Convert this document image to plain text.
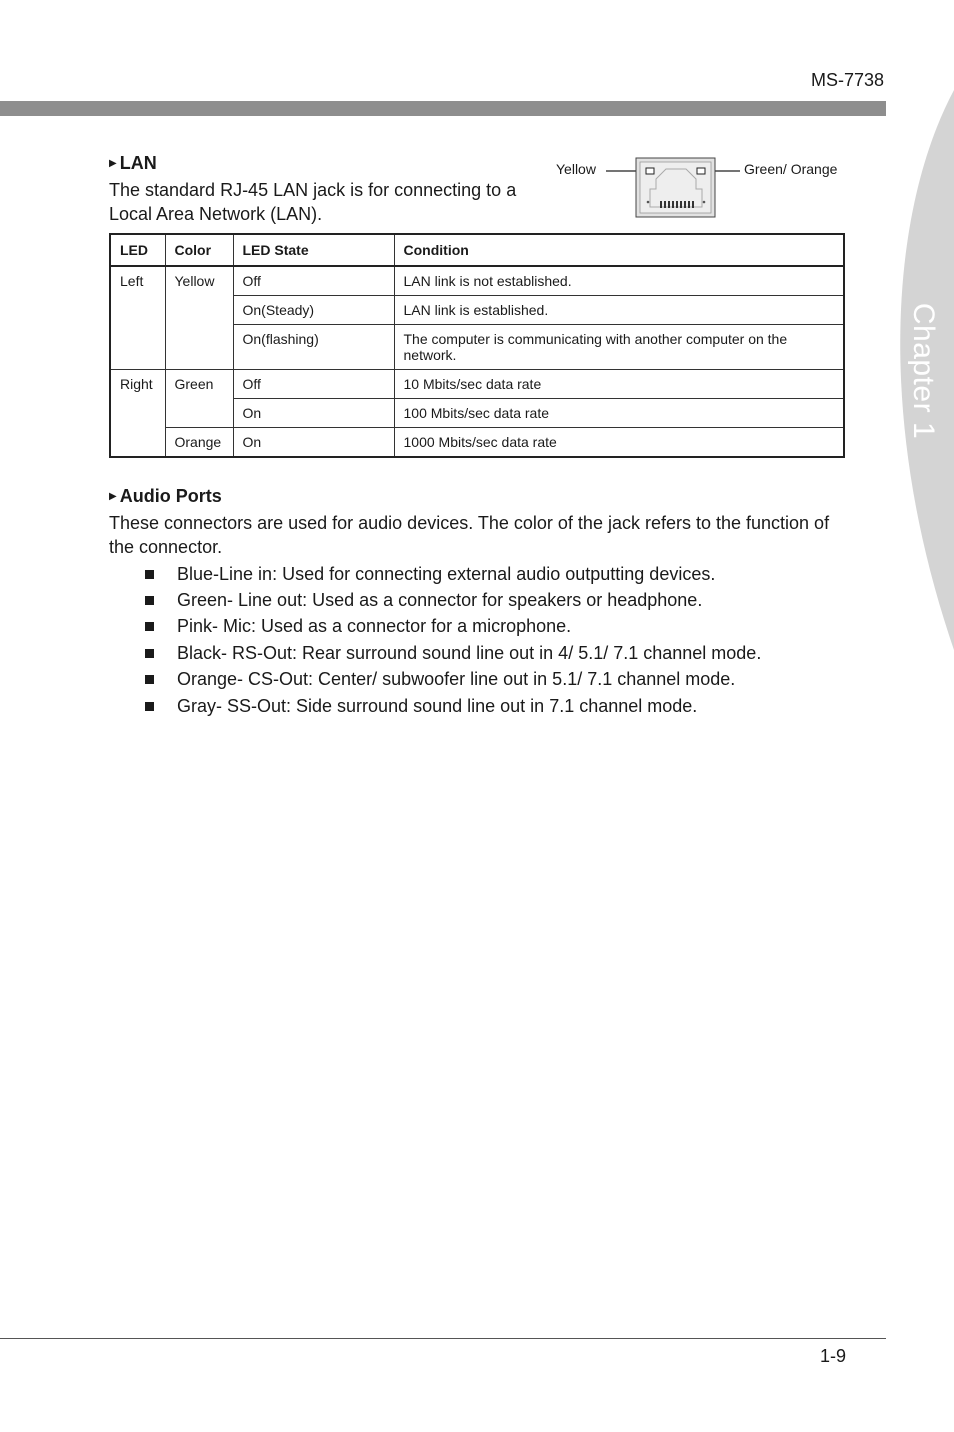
MS-7738
Chapter 1
▶ LAN
The standard RJ-45 LAN jack is for connecting to a Local Area Network (LAN).
Yellow	Green/ Orange
LED	Color	LED State	Condition
Left	Yellow	Off	LAN link is not established.
		On(Steady)	LAN link is established.
		On(flashing)	The computer is communicating with another computer on the network.
Right	Green	Off	10 Mbits/sec data rate
		On	100 Mbits/sec data rate
	Orange	On	1000 Mbits/sec data rate
▶ Audio Ports
These connectors are used for audio devices. The color of the jack refers to the function of the connector.
Blue-Line in: Used for connecting external audio outputting devices.
Green- Line out: Used as a connector for speakers or headphone.
Pink- Mic: Used as a connector for a microphone.
Black- RS-Out: Rear surround sound line out in 4/ 5.1/ 7.1 channel mode.
Orange- CS-Out: Center/ subwoofer line out in 5.1/ 7.1 channel mode.
Gray- SS-Out: Side surround sound line out in 7.1 channel mode.
1-9
